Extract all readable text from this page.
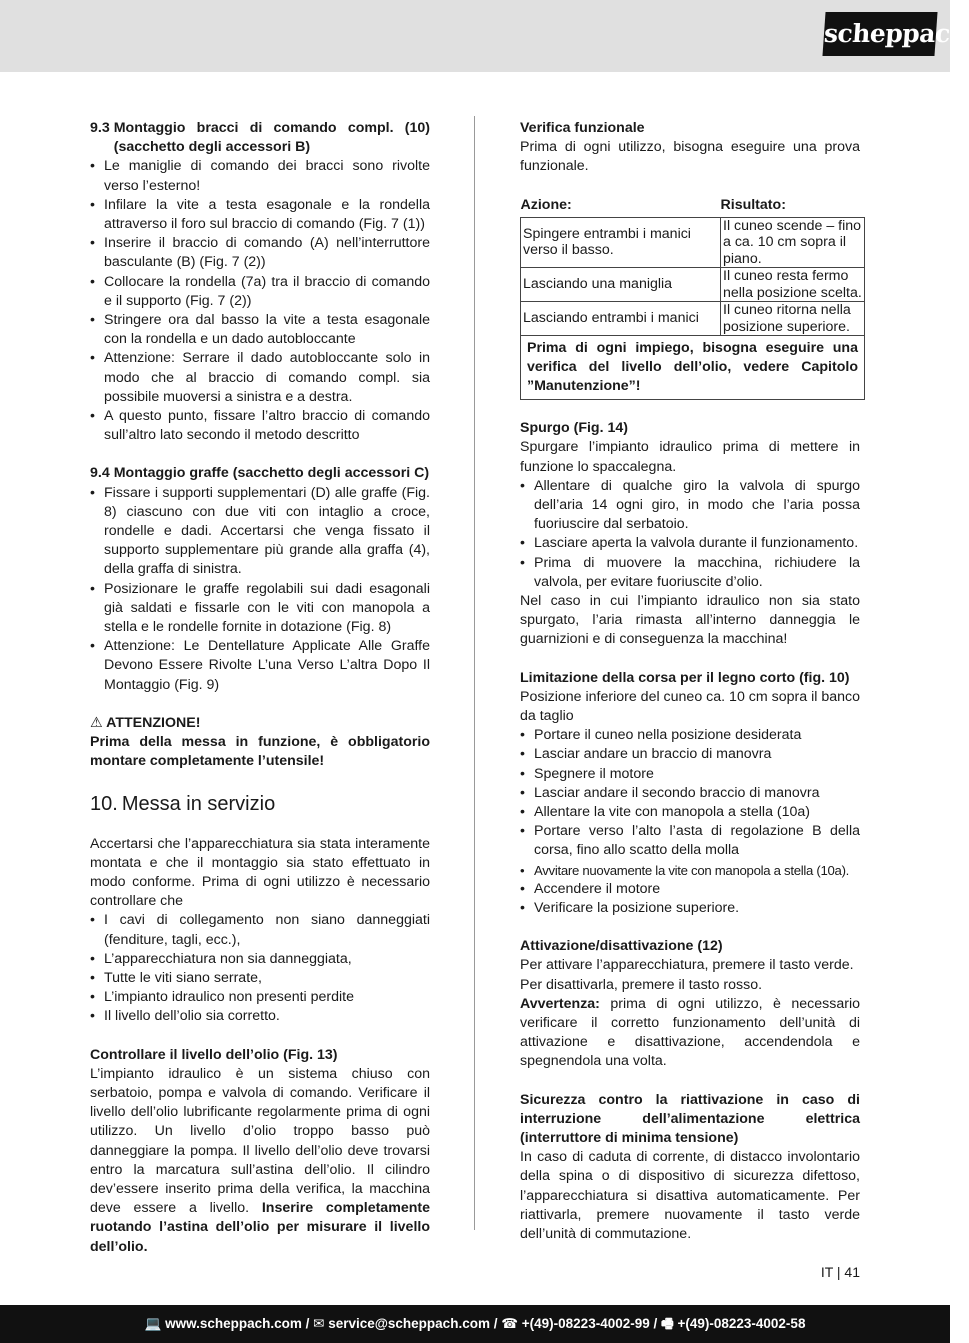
scheppach
9.3 Montaggio bracci di comando compl. (10) (sacchetto degli accessori B)
• Le maniglie di comando dei bracci sono rivolte verso l’esterno!
• Infilare la vite a testa esagonale e la rondella attraverso il foro sul braccio di comando (Fig. 7 (1))
• Inserire il braccio di comando (A) nell’interruttore basculante (B) (Fig. 7 (2))
• Collocare la rondella (7a) tra il braccio di comando e il supporto (Fig. 7 (2))
• Stringere ora dal basso la vite a testa esagonale con la rondella e un dado autobloccante
• Attenzione: Serrare il dado autobloccante solo in modo che al braccio di comando compl. sia possibile muoversi a sinistra e a destra.
• A questo punto, fissare l’altro braccio di comando sull’altro lato secondo il metodo descritto
9.4 Montaggio graffe (sacchetto degli accessori C)
• Fissare i supporti supplementari (D) alle graffe (Fig. 8) ciascuno con due viti con intaglio a croce, rondelle e dadi. Accertarsi che venga fissato il supporto supplementare più grande alla graffa (4), della graffa di sinistra.
• Posizionare le graffe regolabili sui dadi esagonali già saldati e fissarle con le viti con manopola a stella e le rondelle fornite in dotazione (Fig. 8)
• Attenzione: Le Dentellature Applicate Alle Graffe Devono Essere Rivolte L’una Verso L’altra Dopo Il Montaggio (Fig. 9)

⚠ ATTENZIONE!

Prima della messa in funzione, è obbligatorio montare completamente l’utensile!

10. Messa in servizio

Accertarsi che l’apparecchiatura sia stata interamente montata e che il montaggio sia stato effettuato in modo conforme. Prima di ogni utilizzo è necessario controllare che

• I cavi di collegamento non siano danneggiati (fenditure, tagli, ecc.),
• L’apparecchiatura non sia danneggiata,
• Tutte le viti siano serrate,
• L’impianto idraulico non presenti perdite
• Il livello dell’olio sia corretto.
Controllare il livello dell’olio (Fig. 13)

L’impianto idraulico è un sistema chiuso con serbatoio, pompa e valvola di comando. Verificare il livello dell’olio lubrificante regolarmente prima di ogni utilizzo. Un livello d’olio troppo basso può danneggiare la pompa. Il livello dell’olio deve trovarsi entro la marcatura sull’astina dell’olio. Il cilindro dev’essere inserito prima della verifica, la macchina deve essere a livello. Inserire completamente ruotando l’astina dell’olio per misurare il livello dell’olio.

Verifica funzionale

Prima di ogni utilizzo, bisogna eseguire una prova funzionale.

Azione:	Risultato:
Spingere entrambi i manici verso il basso.	Il cuneo scende – fino a ca. 10 cm sopra il piano.
Lasciando una maniglia	Il cuneo resta fermo nella posizione scelta.
Lasciando entrambi i manici	Il cuneo ritorna nella posizione superiore.
Prima di ogni impiego, bisogna eseguire una verifica del livello dell’olio, vedere Capitolo ”Manutenzione”!	
Spurgo (Fig. 14)

Spurgare l’impianto idraulico prima di mettere in funzione lo spaccalegna.

• Allentare di qualche giro la valvola di spurgo dell’aria 14 ogni giro, in modo che l’aria possa fuoriuscire dal serbatoio.
• Lasciare aperta la valvola durante il funzionamento.
• Prima di muovere la macchina, richiudere la valvola, per evitare fuoriuscite d’olio.

Nel caso in cui l’impianto idraulico non sia stato spurgato, l’aria rimasta all’interno danneggia le guarnizioni e di conseguenza la macchina!

Limitazione della corsa per il legno corto (fig. 10)

Posizione inferiore del cuneo ca. 10 cm sopra il banco da taglio

• Portare il cuneo nella posizione desiderata
• Lasciar andare un braccio di manovra
• Spegnere il motore
• Lasciar andare il secondo braccio di manovra
• Allentare la vite con manopola a stella (10a)
• Portare verso l’alto l’asta di regolazione B della corsa, fino allo scatto della molla
• Avvitare nuovamente la vite con manopola a stella (10a).
• Accendere il motore
• Verificare la posizione superiore.
Attivazione/disattivazione (12)

Per attivare l’apparecchiatura, premere il tasto verde.

Per disattivarla, premere il tasto rosso.

Avvertenza: prima di ogni utilizzo, è necessario verificare il corretto funzionamento dell’unità di attivazione e disattivazione, accendendola e spegnendola una volta.

Sicurezza contro la riattivazione in caso di interruzione dell’alimentazione elettrica (interruttore di minima tensione)

In caso di caduta di corrente, di distacco involontario della spina o di dispositivo di sicurezza difettoso, l’apparecchiatura si disattiva automaticamente. Per riattivarla, premere nuovamente il tasto verde dell’unità di commutazione.

IT | 41
💻 www.scheppach.com / ✉ service@scheppach.com / ☎ +(49)-08223-4002-99 / 🖷 +(49)-08223-4002-58
